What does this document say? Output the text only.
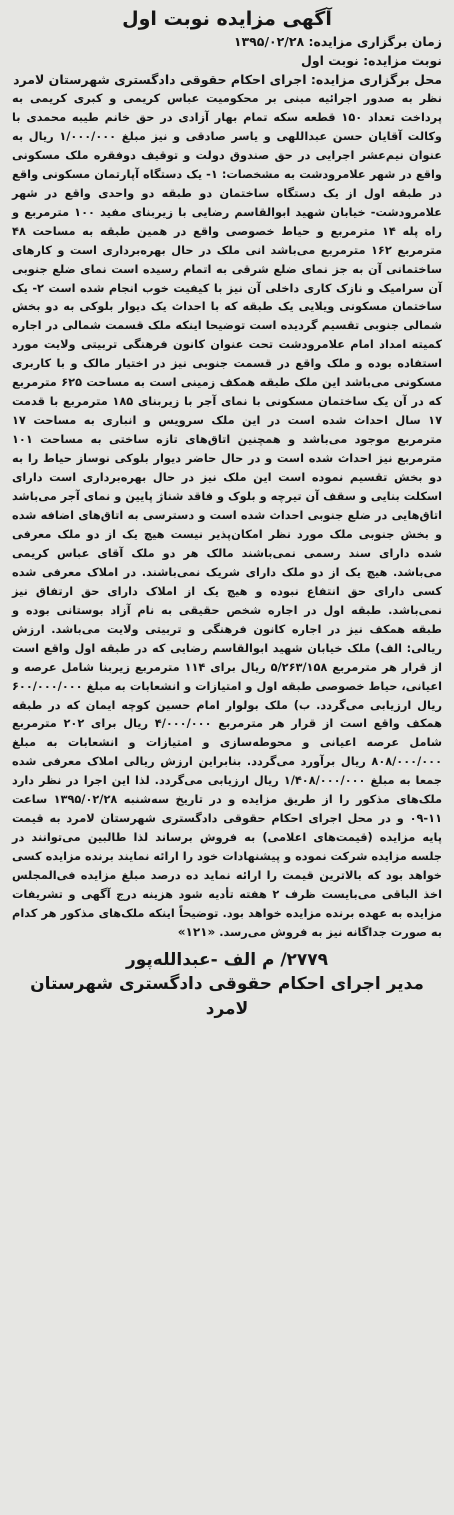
آگهی مزایده نوبت اول

زمان برگزاری مزایده: ۱۳۹۵/۰۲/۲۸

نوبت مزایده: نوبت اول

محل برگزاری مزایده: اجرای احکام حقوقی دادگستری شهرستان لامرد

نظر به صدور اجرائیه مبنی بر محکومیت عباس کریمی و کبری کریمی به پرداخت تعداد ۱۵۰ قطعه سکه تمام بهار آزادی در حق خانم طیبه محمدی با وکالت آقایان حسن عبداللهی و یاسر صادقی و نیز مبلغ ۱/۰۰۰/۰۰۰ ریال به عنوان نیم‌عشر اجرایی در حق صندوق دولت و توقیف دوفقره ملک مسکونی واقع در شهر علامرودشت به مشخصات: ۱- یک دستگاه آپارتمان مسکونی واقع در طبقه اول از یک دستگاه ساختمان دو طبقه دو واحدی واقع در شهر علامرودشت- خیابان شهید ابوالقاسم رضایی با زیربنای مفید ۱۰۰ مترمربع و راه پله ۱۴ مترمربع و حیاط خصوصی واقع در همین طبقه به مساحت ۴۸ مترمربع ۱۶۲ مترمربع می‌باشد انی ملک در حال بهره‌برداری است و کارهای ساختمانی آن به جز نمای ضلع شرقی به اتمام رسیده است نمای ضلع جنوبی آن سرامیک و نازک کاری داخلی آن نیز با کیفیت خوب انجام شده است ۲- یک ساختمان مسکونی ویلایی یک طبقه که با احداث یک دیوار بلوکی به دو بخش شمالی جنوبی تقسیم گردیده است توضیحا اینکه ملک قسمت شمالی در اجاره کمیته امداد امام علامرودشت تحت عنوان کانون فرهنگی تربیتی ولایت مورد استفاده بوده و ملک واقع در قسمت جنوبی نیز در اختیار مالک و با کاربری مسکونی می‌باشد این ملک طبقه همکف زمینی است به مساحت ۶۲۵ مترمربع که در آن یک ساختمان مسکونی با نمای آجر با زیربنای ۱۸۵ مترمربع با قدمت ۱۷ سال احداث شده است در این ملک سرویس و انباری به مساحت ۱۷ مترمربع موجود می‌باشد و همچنین اتاق‌های تازه ساختی به مساحت ۱۰۱ مترمربع نیز احداث شده است و در حال حاضر دیوار بلوکی نوساز حیاط را به دو بخش تقسیم نموده است این ملک نیز در حال بهره‌برداری است دارای اسکلت بنایی و سقف آن تیرچه و بلوک و فاقد شناژ پایین و نمای آجر می‌باشد اتاق‌هایی در ضلع جنوبی احداث شده است و دسترسی به اتاق‌های اضافه شده و بخش جنوبی ملک مورد نظر امکان‌پذیر نیست هیچ یک از دو ملک معرفی شده دارای سند رسمی نمی‌باشند مالک هر دو ملک آقای عباس کریمی می‌باشد. هیچ یک از دو ملک دارای شریک نمی‌باشند. در املاک معرفی شده کسی دارای حق انتفاع نبوده و هیچ یک از املاک دارای حق ارتفاق نیز نمی‌باشد. طبقه اول در اجاره شخص حقیقی به نام آزاد بوستانی بوده و طبقه همکف نیز در اجاره کانون فرهنگی و تربیتی ولایت می‌باشد. ارزش ریالی: الف) ملک خیابان شهید ابوالقاسم رضایی که در طبقه اول واقع است از قرار هر مترمربع ۵/۲۶۳/۱۵۸ ریال برای ۱۱۴ مترمربع زیربنا شامل عرصه و اعیانی، حیاط خصوصی طبقه اول و امتیازات و انشعابات به مبلغ ۶۰۰/۰۰۰/۰۰۰ ریال ارزیابی می‌گردد. ب) ملک بولوار امام حسین کوچه ایمان که در طبقه همکف واقع است از قرار هر مترمربع ۴/۰۰۰/۰۰۰ ریال برای ۲۰۲ مترمربع شامل عرصه اعیانی و محوطه‌سازی و امتیازات و انشعابات به مبلغ ۸۰۸/۰۰۰/۰۰۰ ریال برآورد می‌گردد. بنابراین ارزش ریالی املاک معرفی شده جمعا به مبلغ ۱/۴۰۸/۰۰۰/۰۰۰ ریال ارزیابی می‌گردد. لذا این اجرا در نظر دارد ملک‌های مذکور را از طریق مزایده و در تاریخ سه‌شنبه ۱۳۹۵/۰۲/۲۸ ساعت ۱۱-۰۹ و در محل اجرای احکام حقوقی دادگستری شهرستان لامرد به قیمت پایه مزایده (قیمت‌های اعلامی) به فروش برساند لذا طالبین می‌توانند در جلسه مزایده شرکت نموده و پیشنهادات خود را ارائه نمایند برنده مزایده کسی خواهد بود که بالاترین قیمت را ارائه نماید ده درصد مبلغ مزایده فی‌المجلس اخذ الباقی می‌بایست ظرف ۲ هفته تأدیه شود هزینه درج آگهی و تشریفات مزایده به عهده برنده مزایده خواهد بود. توضیحاً اینکه ملک‌های مذکور هر کدام به صورت جداگانه نیز به فروش می‌رسد. «۱۲۱»

۲۷۷۹/ م الف -عبدالله‌پور

مدیر اجرای احکام حقوقی دادگستری شهرستان لامرد
